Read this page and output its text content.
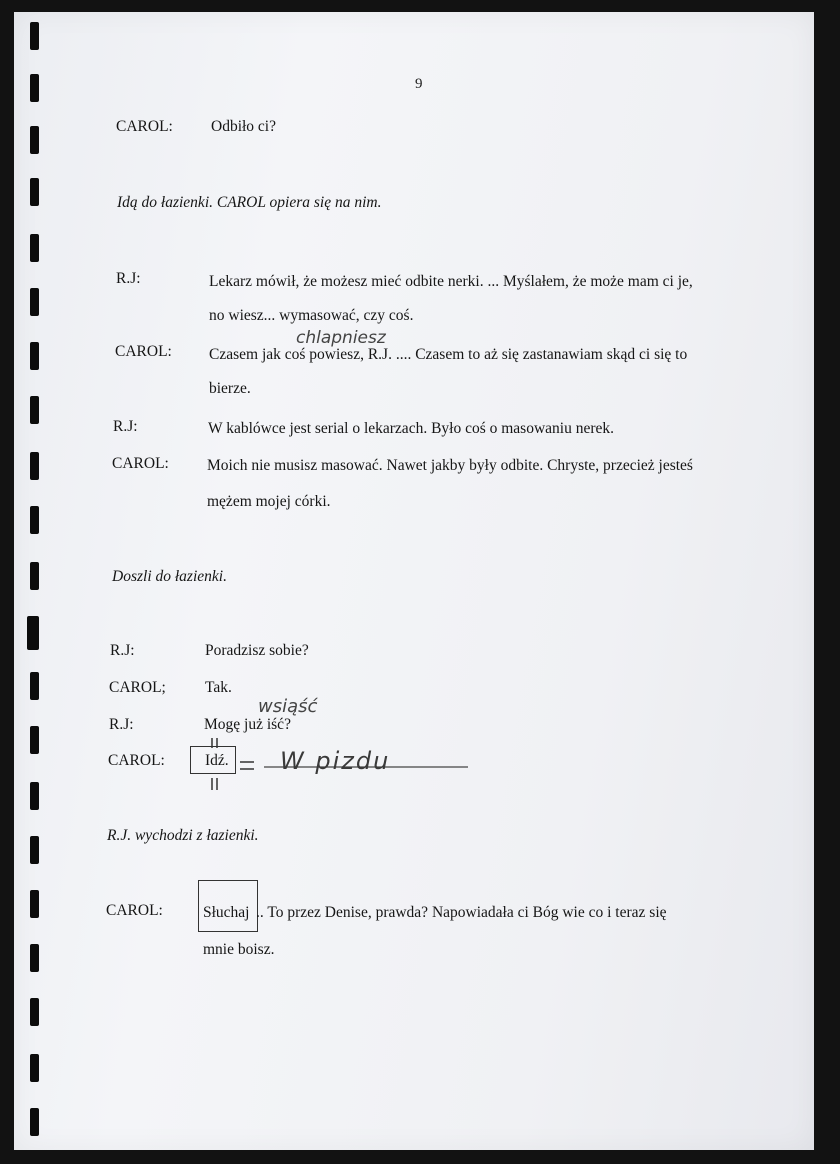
9
CAROL: Odbiło ci?
Idą do łazienki. CAROL opiera się na nim.
R.J:	Lekarz mówił, że możesz mieć odbite nerki. ... Myślałem, że może mam ci je,
no wiesz... wymasować, czy coś.
chlapniesz
CAROL: Czasem jak coś powiesz, R.J. .... Czasem to aż się zastanawiam skąd ci się to
bierze.
R.J:	W kablówce jest serial o lekarzach. Było coś o masowaniu nerek.
CAROL: Moich nie musisz masować. Nawet jakby były odbite. Chryste, przecież jesteś
mężem mojej córki.
Doszli do łazienki.
R.J:	Poradzisz sobie?
CAROL;	Tak.
wsiąść
R.J:	Mogę już iść?
CAROL:	Idź. W pizdu
R.J. wychodzi z łazienki.
CAROL:	Słuchaj .. To przez Denise, prawda? Napowiadała ci Bóg wie co i teraz się
mnie boisz.
